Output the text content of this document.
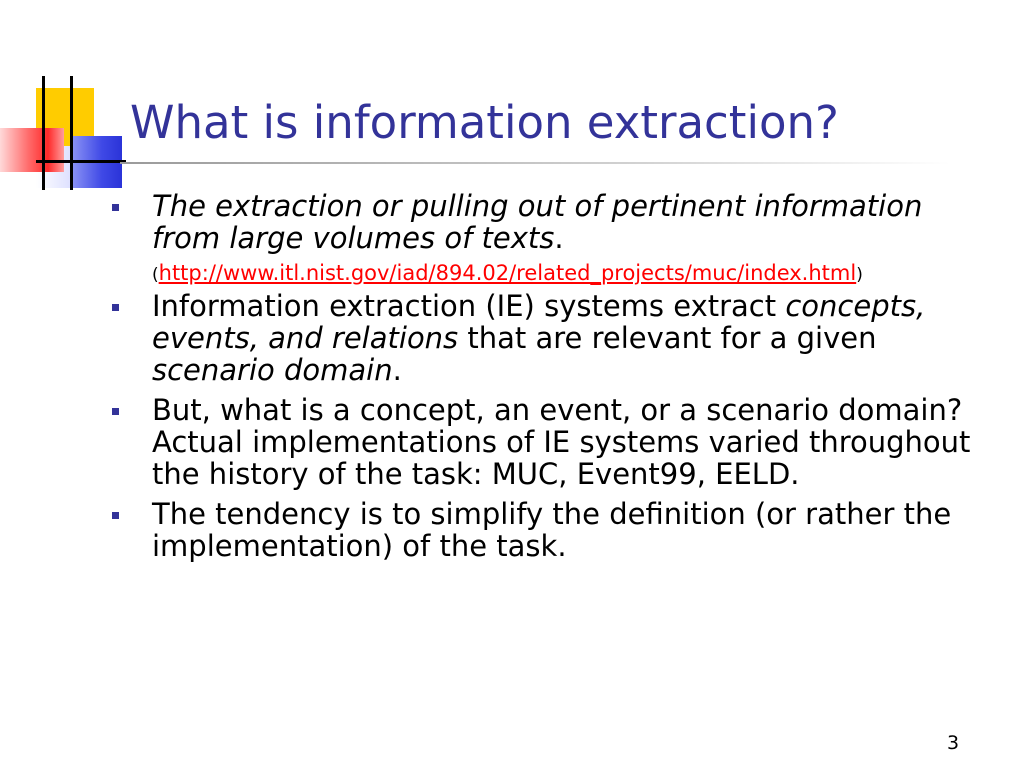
What is information extraction?
The extraction or pulling out of pertinent information from large volumes of texts.
(http://www.itl.nist.gov/iad/894.02/related_projects/muc/index.html)
Information extraction (IE) systems extract concepts, events, and relations that are relevant for a given scenario domain.
But, what is a concept, an event, or a scenario domain? Actual implementations of IE systems varied throughout the history of the task: MUC, Event99, EELD.
The tendency is to simplify the definition (or rather the implementation) of the task.
3
